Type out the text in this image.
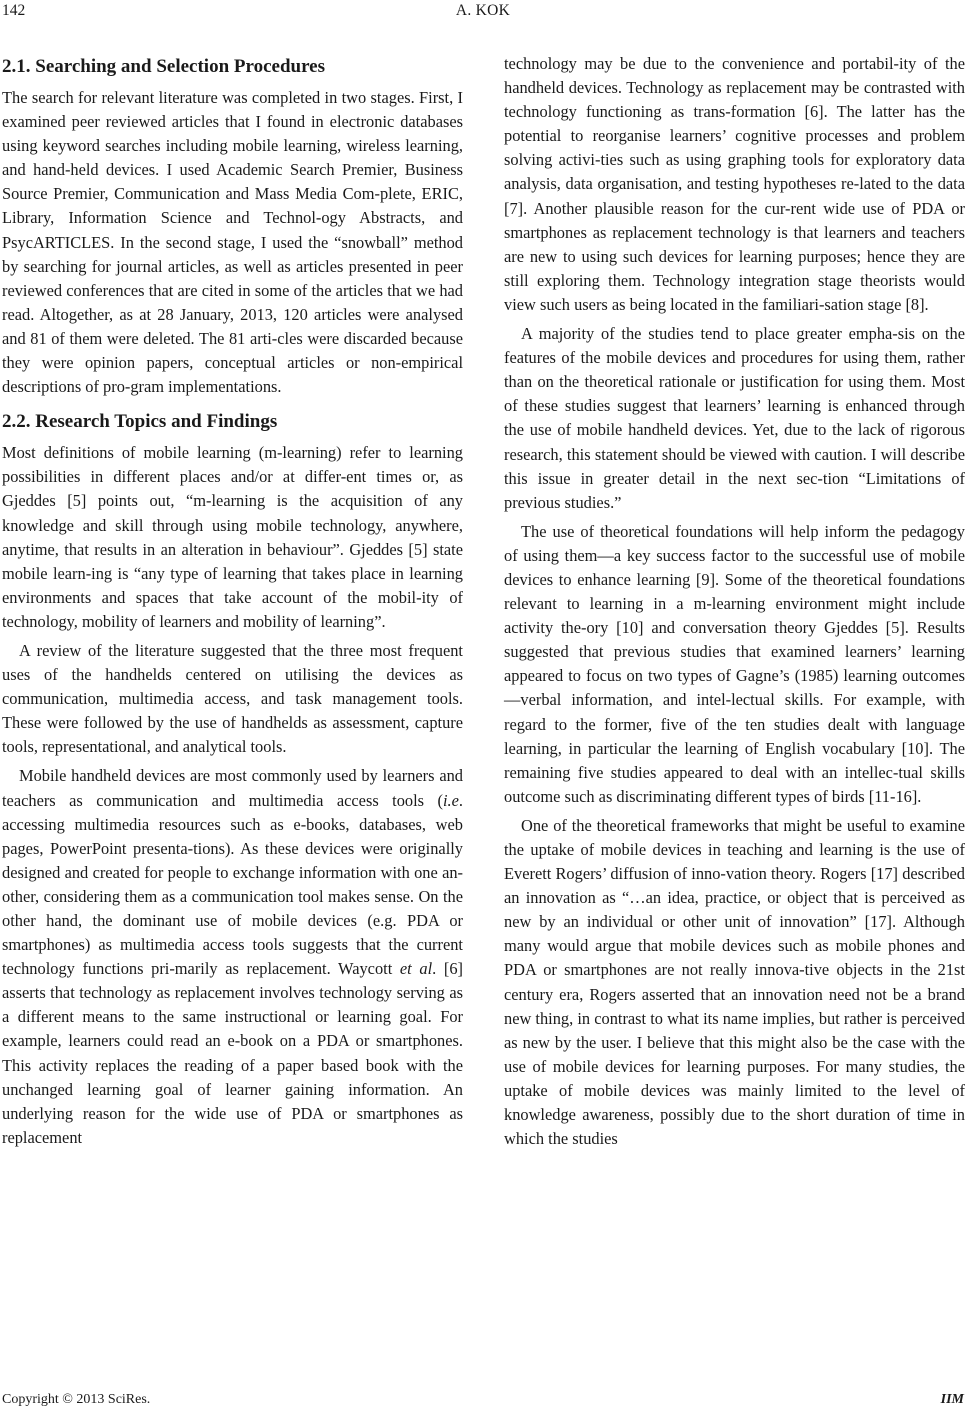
142	A. KOK
2.1. Searching and Selection Procedures

The search for relevant literature was completed in two stages. First, I examined peer reviewed articles that I found in electronic databases using keyword searches including mobile learning, wireless learning, and hand-held devices. I used Academic Search Premier, Business Source Premier, Communication and Mass Media Com-plete, ERIC, Library, Information Science and Technol-ogy Abstracts, and PsycARTICLES. In the second stage, I used the “snowball” method by searching for journal articles, as well as articles presented in peer reviewed conferences that are cited in some of the articles that we had read. Altogether, as at 28 January, 2013, 120 articles were analysed and 81 of them were deleted. The 81 arti-cles were discarded because they were opinion papers, conceptual articles or non-empirical descriptions of pro-gram implementations.

2.2. Research Topics and Findings

Most definitions of mobile learning (m-learning) refer to learning possibilities in different places and/or at differ-ent times or, as Gjeddes [5] points out, “m-learning is the acquisition of any knowledge and skill through using mobile technology, anywhere, anytime, that results in an alteration in behaviour”. Gjeddes [5] state mobile learn-ing is “any type of learning that takes place in learning environments and spaces that take account of the mobil-ity of technology, mobility of learners and mobility of learning”.

A review of the literature suggested that the three most frequent uses of the handhelds centered on utilising the devices as communication, multimedia access, and task management tools. These were followed by the use of handhelds as assessment, capture tools, representational, and analytical tools.

Mobile handheld devices are most commonly used by learners and teachers as communication and multimedia access tools (i.e. accessing multimedia resources such as e-books, databases, web pages, PowerPoint presenta-tions). As these devices were originally designed and created for people to exchange information with one an-other, considering them as a communication tool makes sense. On the other hand, the dominant use of mobile devices (e.g. PDA or smartphones) as multimedia access tools suggests that the current technology functions pri-marily as replacement. Waycott et al. [6] asserts that technology as replacement involves technology serving as a different means to the same instructional or learning goal. For example, learners could read an e-book on a PDA or smartphones. This activity replaces the reading of a paper based book with the unchanged learning goal of learner gaining information. An underlying reason for the wide use of PDA or smartphones as replacement

technology may be due to the convenience and portabil-ity of the handheld devices. Technology as replacement may be contrasted with technology functioning as trans-formation [6]. The latter has the potential to reorganise learners’ cognitive processes and problem solving activi-ties such as using graphing tools for exploratory data analysis, data organisation, and testing hypotheses re-lated to the data [7]. Another plausible reason for the cur-rent wide use of PDA or smartphones as replacement technology is that learners and teachers are new to using such devices for learning purposes; hence they are still exploring them. Technology integration stage theorists would view such users as being located in the familiari-sation stage [8].

A majority of the studies tend to place greater empha-sis on the features of the mobile devices and procedures for using them, rather than on the theoretical rationale or justification for using them. Most of these studies suggest that learners’ learning is enhanced through the use of mobile handheld devices. Yet, due to the lack of rigorous research, this statement should be viewed with caution. I will describe this issue in greater detail in the next sec-tion “Limitations of previous studies.”

The use of theoretical foundations will help inform the pedagogy of using them—a key success factor to the successful use of mobile devices to enhance learning [9]. Some of the theoretical foundations relevant to learning in a m-learning environment might include activity the-ory [10] and conversation theory Gjeddes [5]. Results suggested that previous studies that examined learners’ learning appeared to focus on two types of Gagne’s (1985) learning outcomes—verbal information, and intel-lectual skills. For example, with regard to the former, five of the ten studies dealt with language learning, in particular the learning of English vocabulary [10]. The remaining five studies appeared to deal with an intellec-tual skills outcome such as discriminating different types of birds [11-16].

One of the theoretical frameworks that might be useful to examine the uptake of mobile devices in teaching and learning is the use of Everett Rogers’ diffusion of inno-vation theory. Rogers [17] described an innovation as “…an idea, practice, or object that is perceived as new by an individual or other unit of innovation” [17]. Although many would argue that mobile devices such as mobile phones and PDA or smartphones are not really innova-tive objects in the 21st century era, Rogers asserted that an innovation need not be a brand new thing, in contrast to what its name implies, but rather is perceived as new by the user. I believe that this might also be the case with the use of mobile devices for learning purposes. For many studies, the uptake of mobile devices was mainly limited to the level of knowledge awareness, possibly due to the short duration of time in which the studies

Copyright © 2013 SciRes.	IIM
